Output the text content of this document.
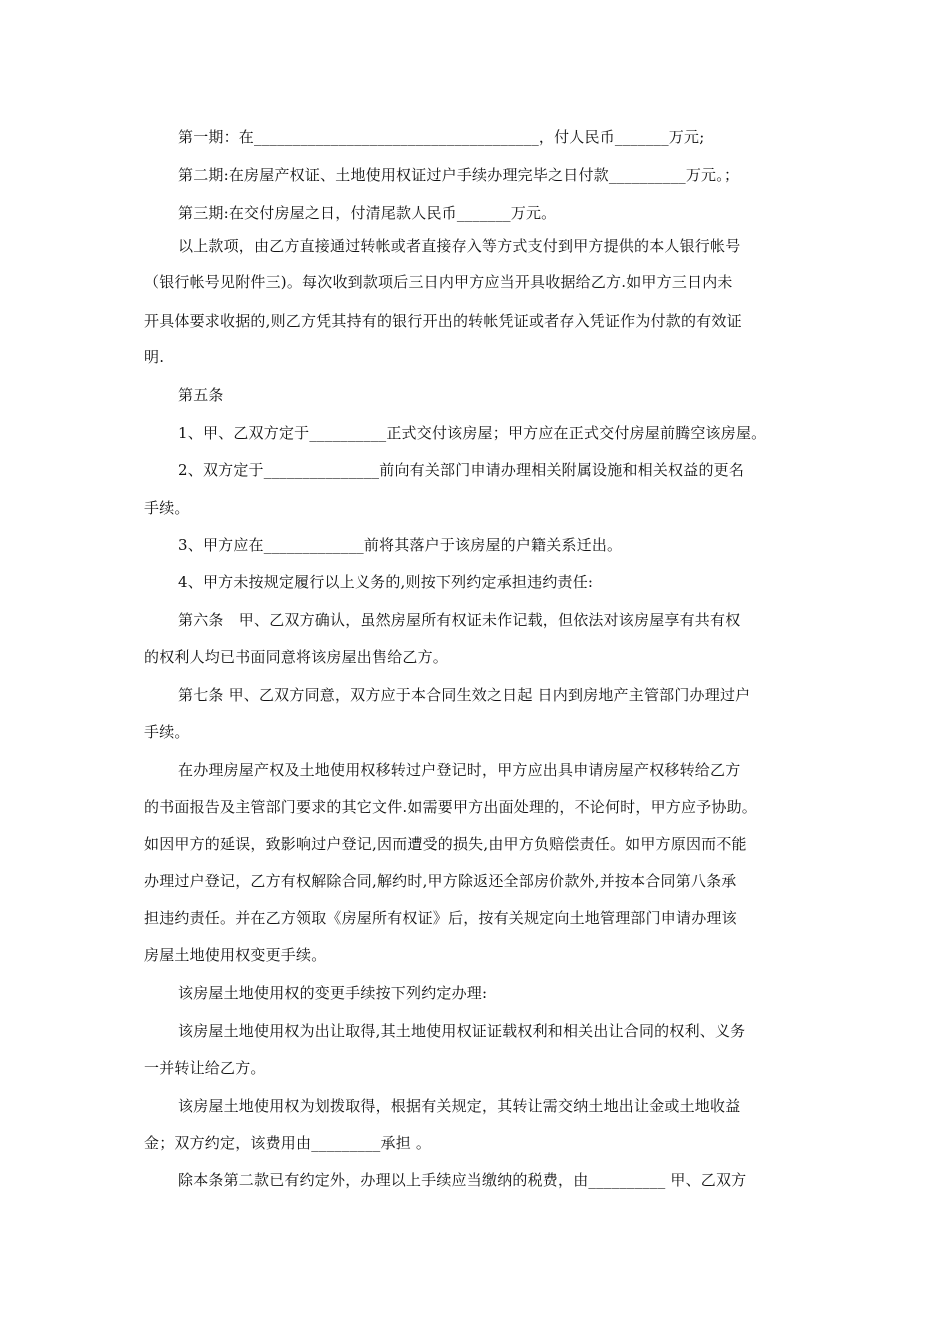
第一期：在_____________________________________，付人民币_______万元;
第二期:在房屋产权证、土地使用权证过户手续办理完毕之日付款__________万元。；
第三期:在交付房屋之日，付清尾款人民币_______万元。
以上款项，由乙方直接通过转帐或者直接存入等方式支付到甲方提供的本人银行帐号
（银行帐号见附件三)。每次收到款项后三日内甲方应当开具收据给乙方.如甲方三日内未
开具体要求收据的,则乙方凭其持有的银行开出的转帐凭证或者存入凭证作为付款的有效证
明.
第五条
1、甲、乙双方定于__________正式交付该房屋；甲方应在正式交付房屋前腾空该房屋。
2、双方定于_______________前向有关部门申请办理相关附属设施和相关权益的更名
手续。
3、甲方应在_____________前将其落户于该房屋的户籍关系迁出。
4、甲方未按规定履行以上义务的,则按下列约定承担违约责任:
第六条　甲、乙双方确认，虽然房屋所有权证未作记载，但依法对该房屋享有共有权
的权利人均已书面同意将该房屋出售给乙方。
第七条 甲、乙双方同意，双方应于本合同生效之日起 日内到房地产主管部门办理过户
手续。
在办理房屋产权及土地使用权移转过户登记时，甲方应出具申请房屋产权移转给乙方
的书面报告及主管部门要求的其它文件.如需要甲方出面处理的，不论何时，甲方应予协助。
如因甲方的延误，致影响过户登记,因而遭受的损失,由甲方负赔偿责任。如甲方原因而不能
办理过户登记，乙方有权解除合同,解约时,甲方除返还全部房价款外,并按本合同第八条承
担违约责任。并在乙方领取《房屋所有权证》后，按有关规定向土地管理部门申请办理该
房屋土地使用权变更手续。
该房屋土地使用权的变更手续按下列约定办理:
该房屋土地使用权为出让取得,其土地使用权证证载权利和相关出让合同的权利、义务
一并转让给乙方。
该房屋土地使用权为划拨取得，根据有关规定，其转让需交纳土地出让金或土地收益
金；双方约定，该费用由_________承担 。
除本条第二款已有约定外，办理以上手续应当缴纳的税费，由__________ 甲、乙双方
